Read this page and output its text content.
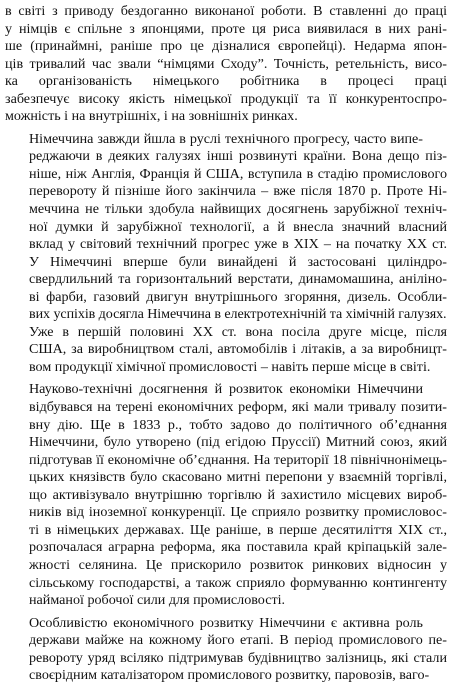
в світі з приводу бездоганно виконаної роботи. В ставленні до праці
у німців є спільне з японцями, проте ця риса виявилася в них рані-
ше (принаймні, раніше про це дізналися європейці). Недарма япон-
ців тривалий час звали “німцями Сходу”. Точність, ретельність, висо-
ка організованість німецького робітника в процесі праці
забезпечує високу якість німецької продукції та її конкурентоспро-
можність і на внутрішніх, і на зовнішніх ринках.

Німеччина завжди йшла в руслі технічного прогресу, часто випе-
реджаючи в деяких галузях інші розвинуті країни. Вона дещо піз-
ніше, ніж Англія, Франція й США, вступила в стадію промислового
перевороту й пізніше його закінчила – вже після 1870 р. Проте Ні-
меччина не тільки здобула найвищих досягнень зарубіжної техніч-
ної думки й зарубіжної технології, а й внесла значний власний
вклад у світовий технічний прогрес уже в XIX – на початку XX ст.
У Німеччині вперше були винайдені й застосовані циліндро-
свердлильний та горизонтальний верстати, динамомашина, аніліно-
ві фарби, газовий двигун внутрішнього згоряння, дизель. Особли-
вих успіхів досягла Німеччина в електротехнічній та хімічній галузях.
Уже в першій половині XX ст. вона посіла друге місце, після
США, за виробництвом сталі, автомобілів і літаків, а за виробницт-
вом продукції хімічної промисловості – навіть перше місце в світі.

Науково-технічні досягнення й розвиток економіки Німеччини
відбувався на терені економічних реформ, які мали тривалу позити-
вну дію. Ще в 1833 р., тобто задово до політичного об’єднання
Німеччини, було утворено (під егідою Пруссії) Митний союз, який
підготував її економічне об’єднання. На території 18 північнонімець-
цьких князівств було скасовано митні перепони у взаємній торгівлі,
що активізувало внутрішню торгівлю й захистило місцевих вироб-
ників від іноземної конкуренції. Це сприяло розвитку промисловос-
ті в німецьких державах. Ще раніше, в перше десятиліття XIX ст.,
розпочалася аграрна реформа, яка поставила край кріпацькій зале-
жності селянина. Це прискорило розвиток ринкових відносин у
сільському господарстві, а також сприяло формуванню контингенту
найманої робочої сили для промисловості.

Особливістю економічного розвитку Німеччини є активна роль
держави майже на кожному його етапі. В період промислового пе-
ревороту уряд всіляко підтримував будівництво залізниць, які стали
своєрідним каталізатором промислового розвитку, паровозів, ваго-
